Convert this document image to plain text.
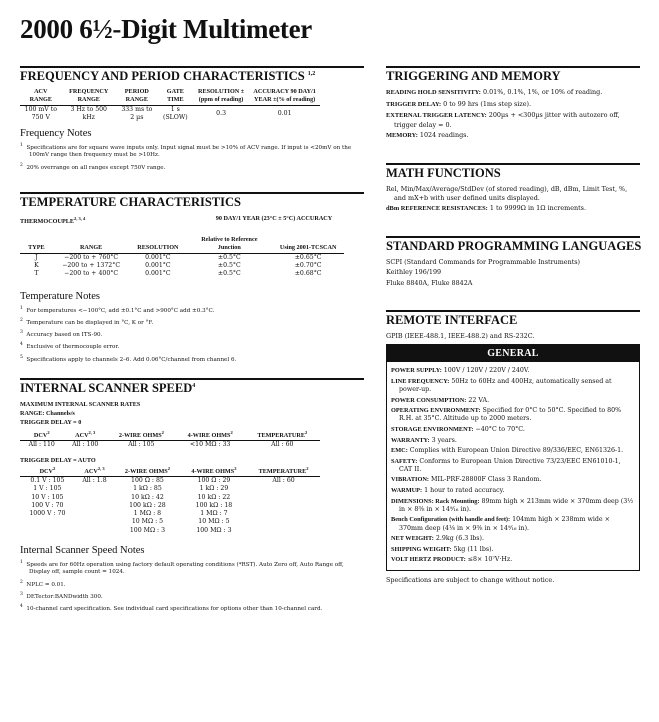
2000 6½-Digit Multimeter
FREQUENCY AND PERIOD CHARACTERISTICS $^{1,2}$
ACV RANGE	FREQUENCY RANGE	PERIOD RANGE	GATE TIME	RESOLUTION ±(ppm of reading)	ACCURACY 90 DAY/1 YEAR ±(% of reading)
100 mV to 750 V	3 Hz to 500 kHz	333 ms to 2 µs	1 s (SLOW)	0.3	0.01
Frequency Notes
$^1$ Specifications are for square wave inputs only. Input signal must be >10% of ACV range. If input is <20mV on the 100mV range then frequency must be >10Hz.
$^2$ 20% overrange on all ranges except 750V range.
TEMPERATURE CHARACTERISTICS
THERMOCOUPLE$^{2, 3, 4}$	90 DAY/1 YEAR (23°C ± 5°C) ACCURACY
TYPE	RANGE	RESOLUTION	Relative to Reference Junction	Using 2001-TCSCAN
J	−200 to + 760°C	0.001°C	±0.5°C	±0.65°C
K	−200 to + 1372°C	0.001°C	±0.5°C	±0.70°C
T	−200 to + 400°C	0.001°C	±0.5°C	±0.68°C
Temperature Notes
$^1$  For temperatures <−100°C, add ±0.1°C and >900°C add ±0.3°C.
$^2$  Temperature can be displayed in °C, K or °F.
$^3$  Accuracy based on ITS-90.
$^4$  Exclusive of thermocouple error.
$^5$  Specifications apply to channels 2–6. Add 0.06°C/channel from channel 6.
INTERNAL SCANNER SPEED$^4$
MAXIMUM INTERNAL SCANNER RATES
RANGE: Channels/s
TRIGGER DELAY = 0
DCV$^2$	ACV$^{2, 3}$	2-WIRE OHMS$^2$	4-WIRE OHMS$^2$	TEMPERATURE$^2$
All : 110	All : 100	All : 105	<10 MΩ : 33	All : 60
TRIGGER DELAY = AUTO
DCV$^2$	ACV$^{2, 3}$	2-WIRE OHMS$^2$	4-WIRE OHMS$^2$	TEMPERATURE$^2$
0.1 V : 105	All : 1.8	100 Ω : 85	100 Ω : 29	All : 60
1 V : 105		1 kΩ : 85	1 kΩ : 29	
10 V : 105		10 kΩ : 42	10 kΩ : 22	
100 V : 70		100 kΩ : 28	100 kΩ : 18	
1000 V : 70		1 MΩ : 8	1 MΩ : 7	
		10 MΩ : 5	10 MΩ : 5	
		100 MΩ : 3	100 MΩ : 3	
Internal Scanner Speed Notes
$^1$  Speeds are for 60Hz operation using factory default operating conditions (*RST). Auto Zero off, Auto Range off, Display off, sample count = 1024.
$^2$  NPLC = 0.01.
$^3$  DETector:BANDwidth 300.
$^4$  10-channel card specification. See individual card specifications for options other than 10-channel card.
TRIGGERING AND MEMORY
READING HOLD SENSITIVITY: 0.01%, 0.1%, 1%, or 10% of reading.
TRIGGER DELAY: 0 to 99 hrs (1ms step size).
EXTERNAL TRIGGER LATENCY: 200µs + <300µs jitter with autozero off, trigger delay = 0.
MEMORY: 1024 readings.
MATH FUNCTIONS
Rel, Min/Max/Average/StdDev (of stored reading), dB, dBm, Limit Test, %, and mX+b with user defined units displayed.
dBm REFERENCE RESISTANCES: 1 to 9999Ω in 1Ω increments.
STANDARD PROGRAMMING LANGUAGES
SCPI (Standard Commands for Programmable Instruments)
Keithley 196/199
Fluke 8840A, Fluke 8842A
REMOTE INTERFACE
GPIB (IEEE-488.1, IEEE-488.2) and RS-232C.
GENERAL
POWER SUPPLY: 100V / 120V / 220V / 240V.
LINE FREQUENCY: 50Hz to 60Hz and 400Hz, automatically sensed at power-up.
POWER CONSUMPTION: 22 VA.
OPERATING ENVIRONMENT: Specified for 0°C to 50°C. Specified to 80% R.H. at 35°C. Altitude up to 2000 meters.
STORAGE ENVIRONMENT: −40°C to 70°C.
WARRANTY: 3 years.
EMC: Complies with European Union Directive 89/336/EEC, EN61326-1.
SAFETY: Conforms to European Union Directive 73/23/EEC EN61010-1, CAT II.
VIBRATION: MIL-PRF-28800F Class 3 Random.
WARMUP: 1 hour to rated accuracy.
DIMENSIONS: Rack Mounting: 89mm high × 213mm wide × 370mm deep (3½ in × 8⅜ in × 14⁹⁄₁₆ in).
Bench Configuration (with handle and feet): 104mm high × 238mm wide × 370mm deep (4⅛ in × 9⅜ in × 14⁹⁄₁₆ in).
NET WEIGHT: 2.9kg (6.3 lbs).
SHIPPING WEIGHT: 5kg (11 lbs).
VOLT HERTZ PRODUCT: ≤8× 10⁷V·Hz.
Specifications are subject to change without notice.
